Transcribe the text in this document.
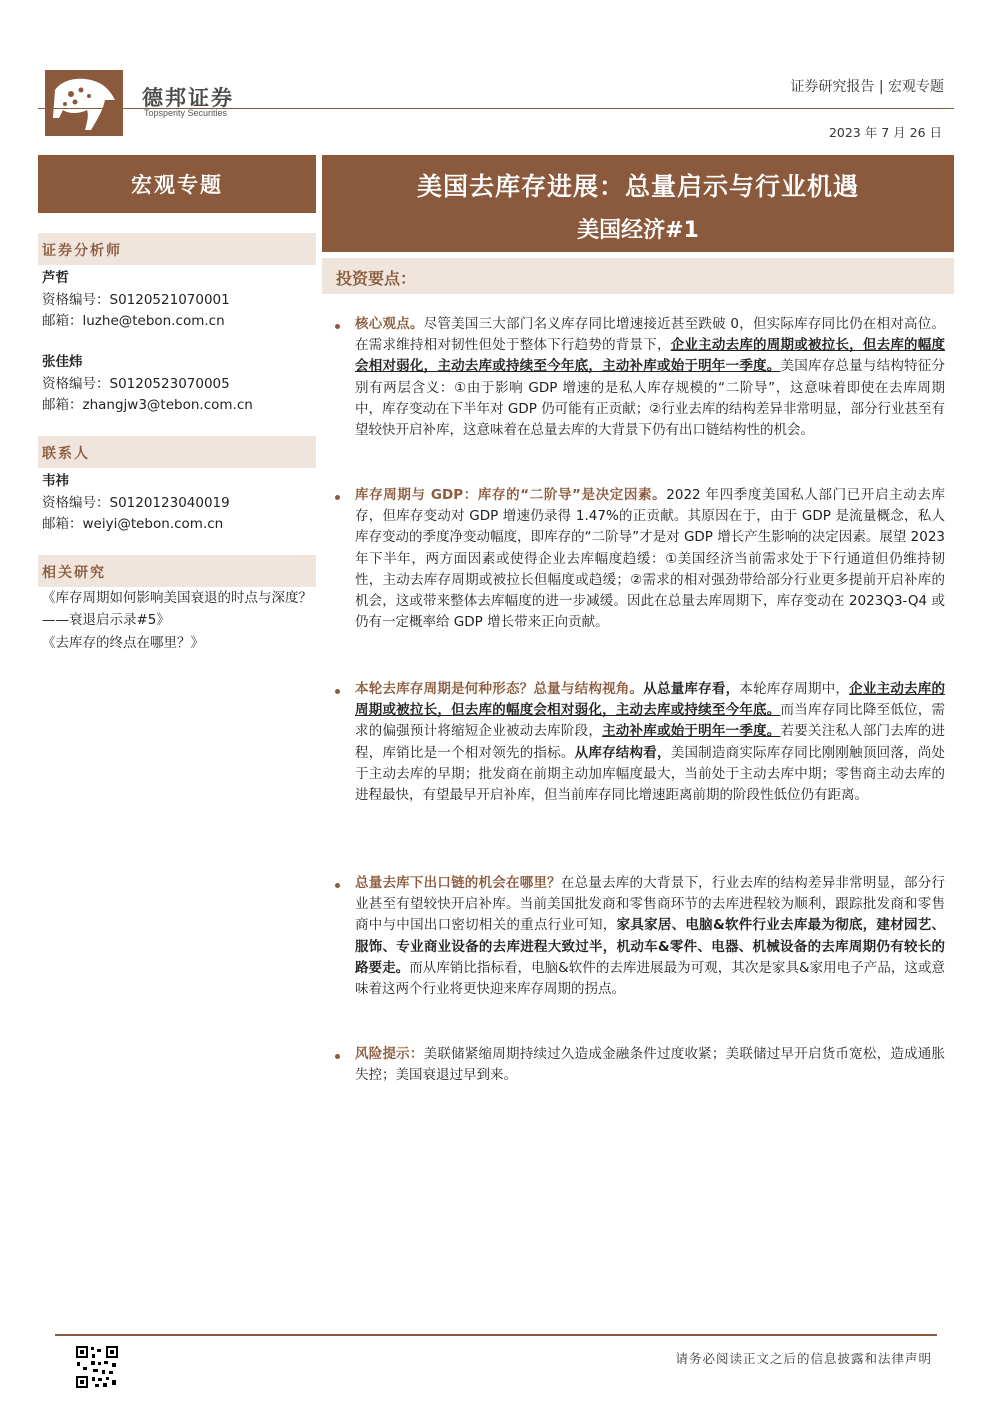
德邦证券
Topsperity Securities
证券研究报告 | 宏观专题
2023 年 7 月 26 日
宏观专题	美国去库存进展：总量启示与行业机遇
美国经济#1
证券分析师
芦哲
资格编号：S0120521070001
邮箱：luzhe@tebon.com.cn
张佳炜
资格编号：S0120523070005
邮箱：zhangjw3@tebon.com.cn
联系人
韦祎
资格编号：S0120123040019
邮箱：weiyi@tebon.com.cn
相关研究
《库存周期如何影响美国衰退的时点与深度？——衰退启示录#5》
《去库存的终点在哪里？》
投资要点：
核心观点。尽管美国三大部门名义库存同比增速接近甚至跌破 0，但实际库存同比仍在相对高位。在需求维持相对韧性但处于整体下行趋势的背景下，企业主动去库的周期或被拉长，但去库的幅度会相对弱化，主动去库或持续至今年底，主动补库或始于明年一季度。美国库存总量与结构特征分别有两层含义：①由于影响 GDP 增速的是私人库存规模的“二阶导”，这意味着即使在去库周期中，库存变动在下半年对 GDP 仍可能有正贡献；②行业去库的结构差异非常明显，部分行业甚至有望较快开启补库，这意味着在总量去库的大背景下仍有出口链结构性的机会。
库存周期与 GDP：库存的“二阶导”是决定因素。2022 年四季度美国私人部门已开启主动去库存，但库存变动对 GDP 增速仍录得 1.47%的正贡献。其原因在于，由于 GDP 是流量概念，私人库存变动的季度净变动幅度，即库存的“二阶导”才是对 GDP 增长产生影响的决定因素。展望 2023 年下半年，两方面因素或使得企业去库幅度趋缓：①美国经济当前需求处于下行通道但仍维持韧性，主动去库存周期或被拉长但幅度或趋缓；②需求的相对强劲带给部分行业更多提前开启补库的机会，这或带来整体去库幅度的进一步减缓。因此在总量去库周期下，库存变动在 2023Q3-Q4 或仍有一定概率给 GDP 增长带来正向贡献。
本轮去库存周期是何种形态？总量与结构视角。从总量库存看，本轮库存周期中，企业主动去库的周期或被拉长，但去库的幅度会相对弱化，主动去库或持续至今年底。而当库存同比降至低位，需求的偏强预计将缩短企业被动去库阶段，主动补库或始于明年一季度。若要关注私人部门去库的进程，库销比是一个相对领先的指标。从库存结构看，美国制造商实际库存同比刚刚触顶回落，尚处于主动去库的早期；批发商在前期主动加库幅度最大，当前处于主动去库中期；零售商主动去库的进程最快，有望最早开启补库，但当前库存同比增速距离前期的阶段性低位仍有距离。
总量去库下出口链的机会在哪里？在总量去库的大背景下，行业去库的结构差异非常明显，部分行业甚至有望较快开启补库。当前美国批发商和零售商环节的去库进程较为顺利，跟踪批发商和零售商中与中国出口密切相关的重点行业可知，家具家居、电脑&软件行业去库最为彻底，建材园艺、服饰、专业商业设备的去库进程大致过半，机动车&零件、电器、机械设备的去库周期仍有较长的路要走。而从库销比指标看，电脑&软件的去库进展最为可观，其次是家具&家用电子产品，这或意味着这两个行业将更快迎来库存周期的拐点。
风险提示：美联储紧缩周期持续过久造成金融条件过度收紧；美联储过早开启货币宽松，造成通胀失控；美国衰退过早到来。
请务必阅读正文之后的信息披露和法律声明
